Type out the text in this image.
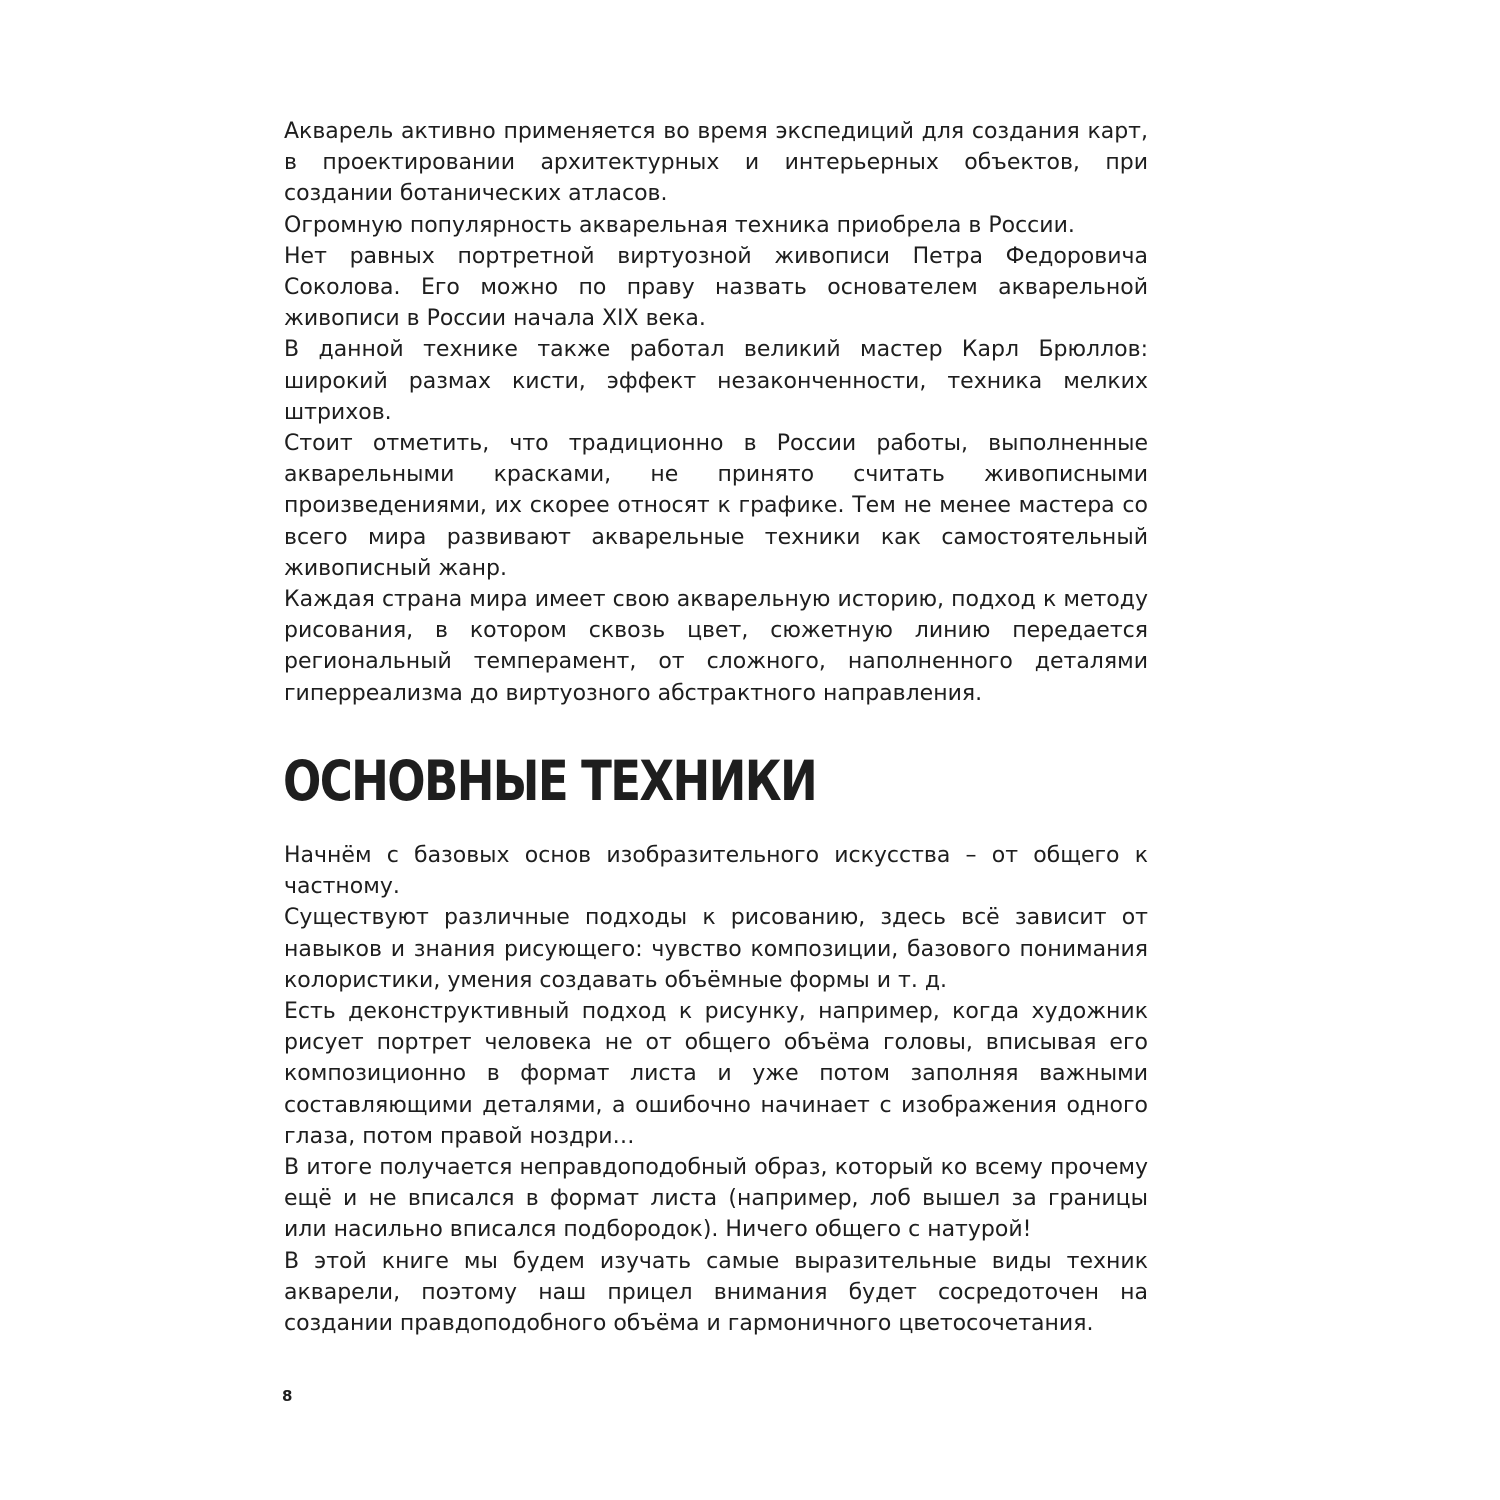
Акварель активно применяется во время экспедиций для создания карт, в проектировании архитектурных и интерьерных объектов, при создании ботанических атласов.

Огромную популярность акварельная техника приобрела в России.

Нет равных портретной виртуозной живописи Петра Федоровича Соколова. Его можно по праву назвать основателем акварельной живописи в России начала XIX века.

В данной технике также работал великий мастер Карл Брюллов: широкий размах кисти, эффект незаконченности, техника мелких штрихов.

Стоит отметить, что традиционно в России работы, выполненные акварельными красками, не принято считать живописными произведениями, их скорее относят к графике. Тем не менее мастера со всего мира развивают акварельные техники как самостоятельный живописный жанр.

Каждая страна мира имеет свою акварельную историю, подход к методу рисования, в котором сквозь цвет, сюжетную линию передается региональный темперамент, от сложного, наполненного деталями гиперреализма до виртуозного абстрактного направления.

ОСНОВНЫЕ ТЕХНИКИ

Начнём с базовых основ изобразительного искусства – от общего к частному.

Существуют различные подходы к рисованию, здесь всё зависит от навыков и знания рисующего: чувство композиции, базового понимания колористики, умения создавать объёмные формы и т. д.

Есть деконструктивный подход к рисунку, например, когда художник рисует портрет человека не от общего объёма головы, вписывая его композиционно в формат листа и уже потом заполняя важными составляющими деталями, а ошибочно начинает с изображения одного глаза, потом правой ноздри…

В итоге получается неправдоподобный образ, который ко всему прочему ещё и не вписался в формат листа (например, лоб вышел за границы или насильно вписался подбородок). Ничего общего с натурой!

В этой книге мы будем изучать самые выразительные виды техник акварели, поэтому наш прицел внимания будет сосредоточен на создании правдоподобного объёма и гармоничного цветосочетания.

8
